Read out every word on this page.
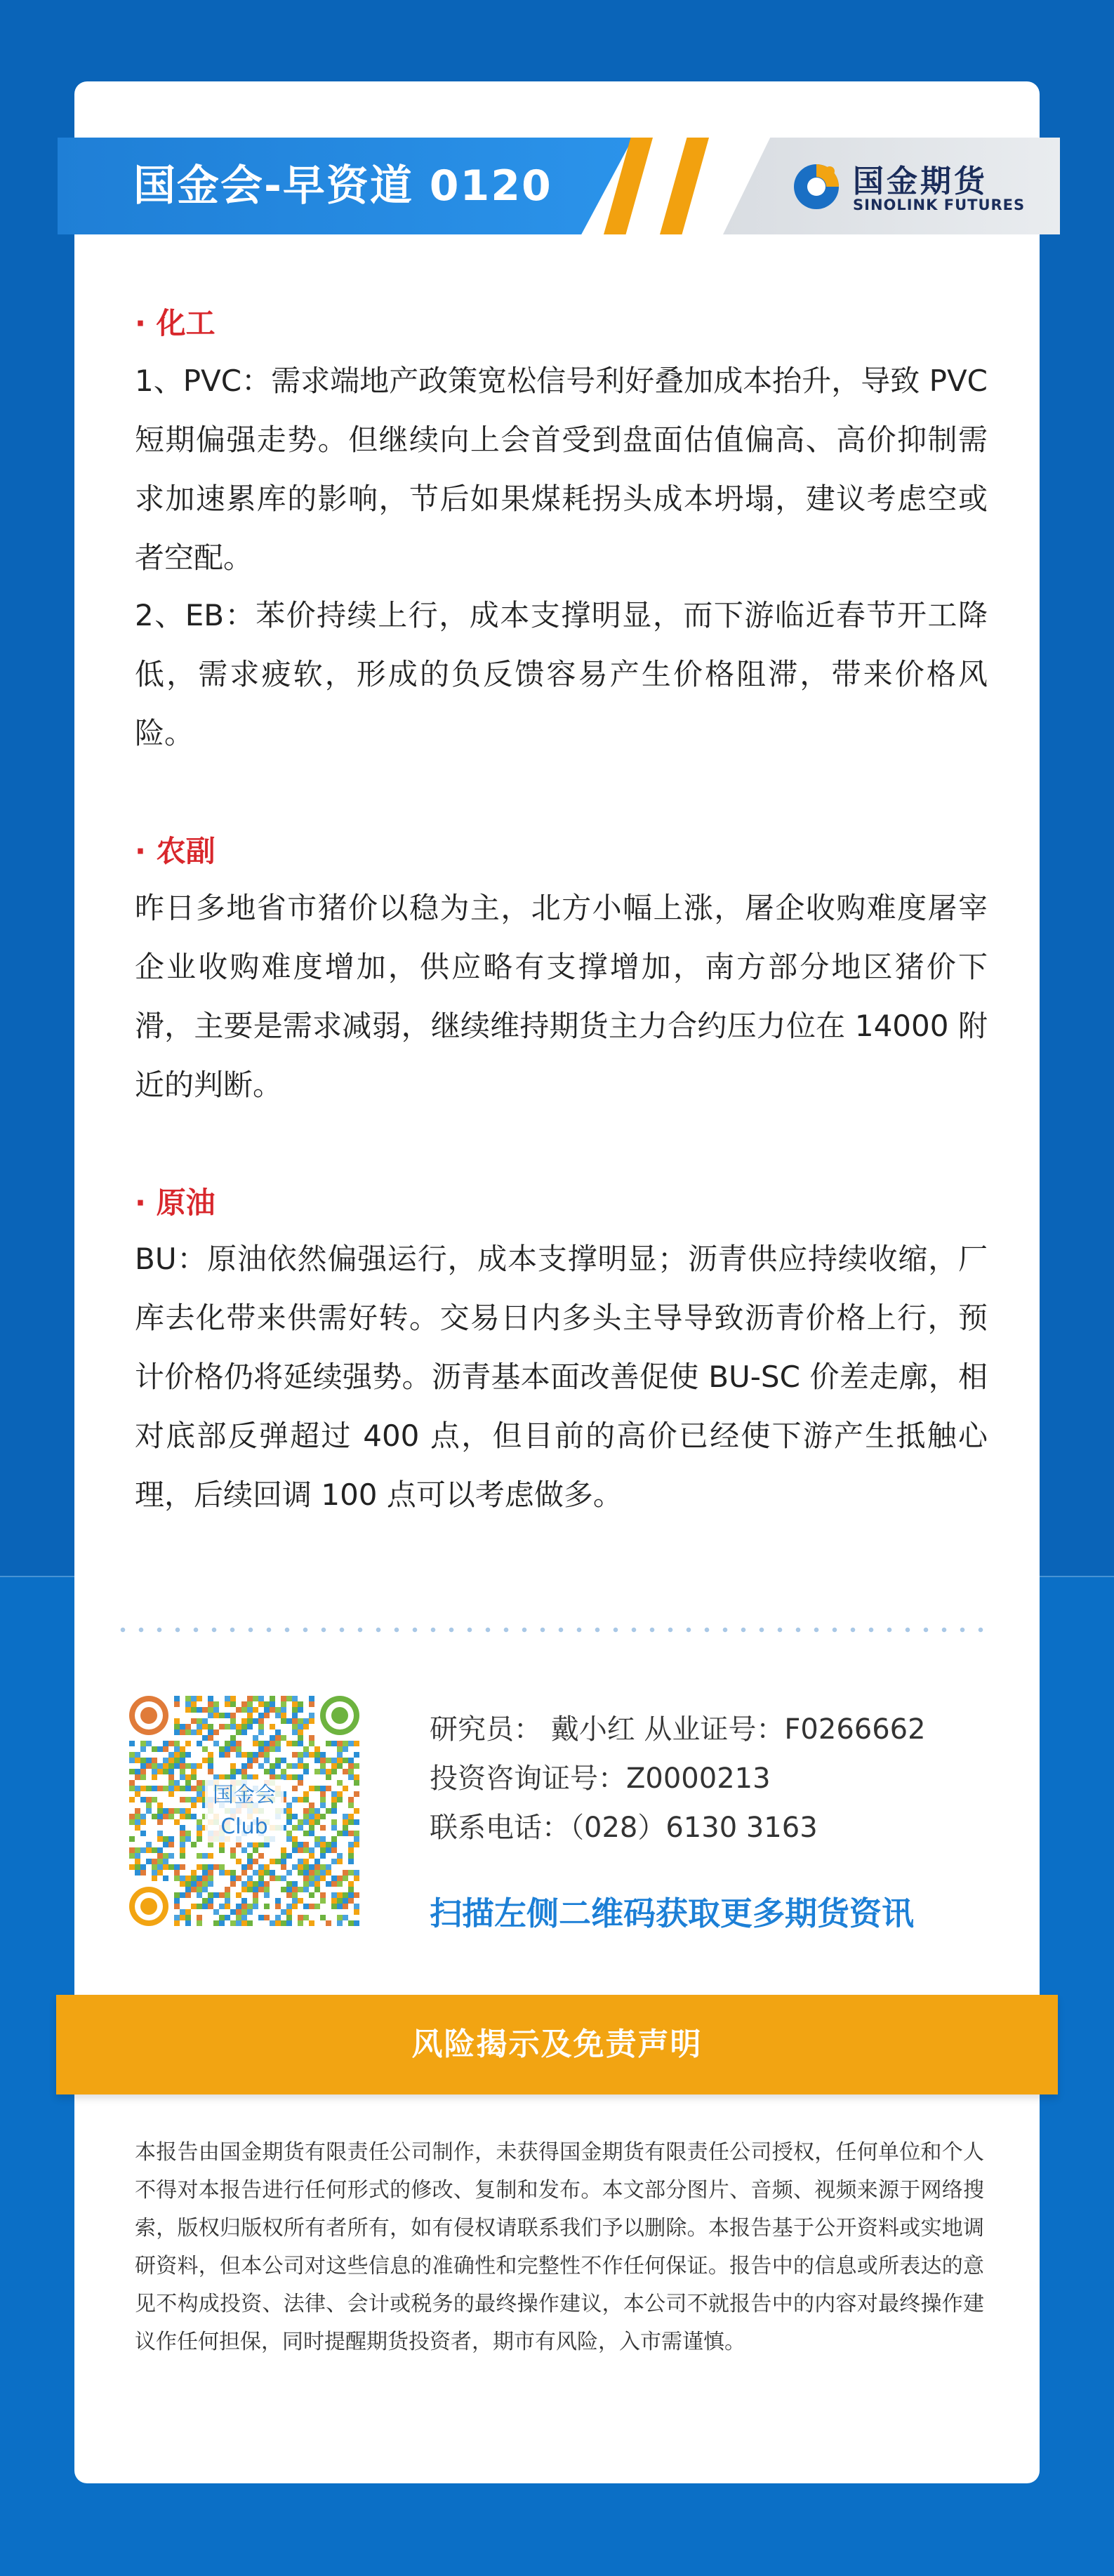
国金会-早资道 0120	国金期货
SINOLINK FUTURES
· 化工
1、PVC：需求端地产政策宽松信号利好叠加成本抬升，导致 PVC 短期偏强走势。但继续向上会首受到盘面估值偏高、高价抑制需求加速累库的影响，节后如果煤耗拐头成本坍塌，建议考虑空或者空配。
2、EB：苯价持续上行，成本支撑明显，而下游临近春节开工降低，需求疲软，形成的负反馈容易产生价格阻滞，带来价格风险。
· 农副
昨日多地省市猪价以稳为主，北方小幅上涨，屠企收购难度屠宰企业收购难度增加，供应略有支撑增加，南方部分地区猪价下滑，主要是需求减弱，继续维持期货主力合约压力位在 14000 附近的判断。
· 原油
BU：原油依然偏强运行，成本支撑明显；沥青供应持续收缩，厂库去化带来供需好转。交易日内多头主导导致沥青价格上行，预计价格仍将延续强势。沥青基本面改善促使 BU-SC 价差走廓，相对底部反弹超过 400 点，但目前的高价已经使下游产生抵触心理，后续回调 100 点可以考虑做多。
国金会
Club
研究员： 戴小红 从业证号：F0266662
投资咨询证号：Z0000213
联系电话：（028）6130 3163
扫描左侧二维码获取更多期货资讯
风险揭示及免责声明
本报告由国金期货有限责任公司制作，未获得国金期货有限责任公司授权，任何单位和个人不得对本报告进行任何形式的修改、复制和发布。本文部分图片、音频、视频来源于网络搜索，版权归版权所有者所有，如有侵权请联系我们予以删除。本报告基于公开资料或实地调研资料，但本公司对这些信息的准确性和完整性不作任何保证。报告中的信息或所表达的意见不构成投资、法律、会计或税务的最终操作建议，本公司不就报告中的内容对最终操作建议作任何担保，同时提醒期货投资者，期市有风险，入市需谨慎。
